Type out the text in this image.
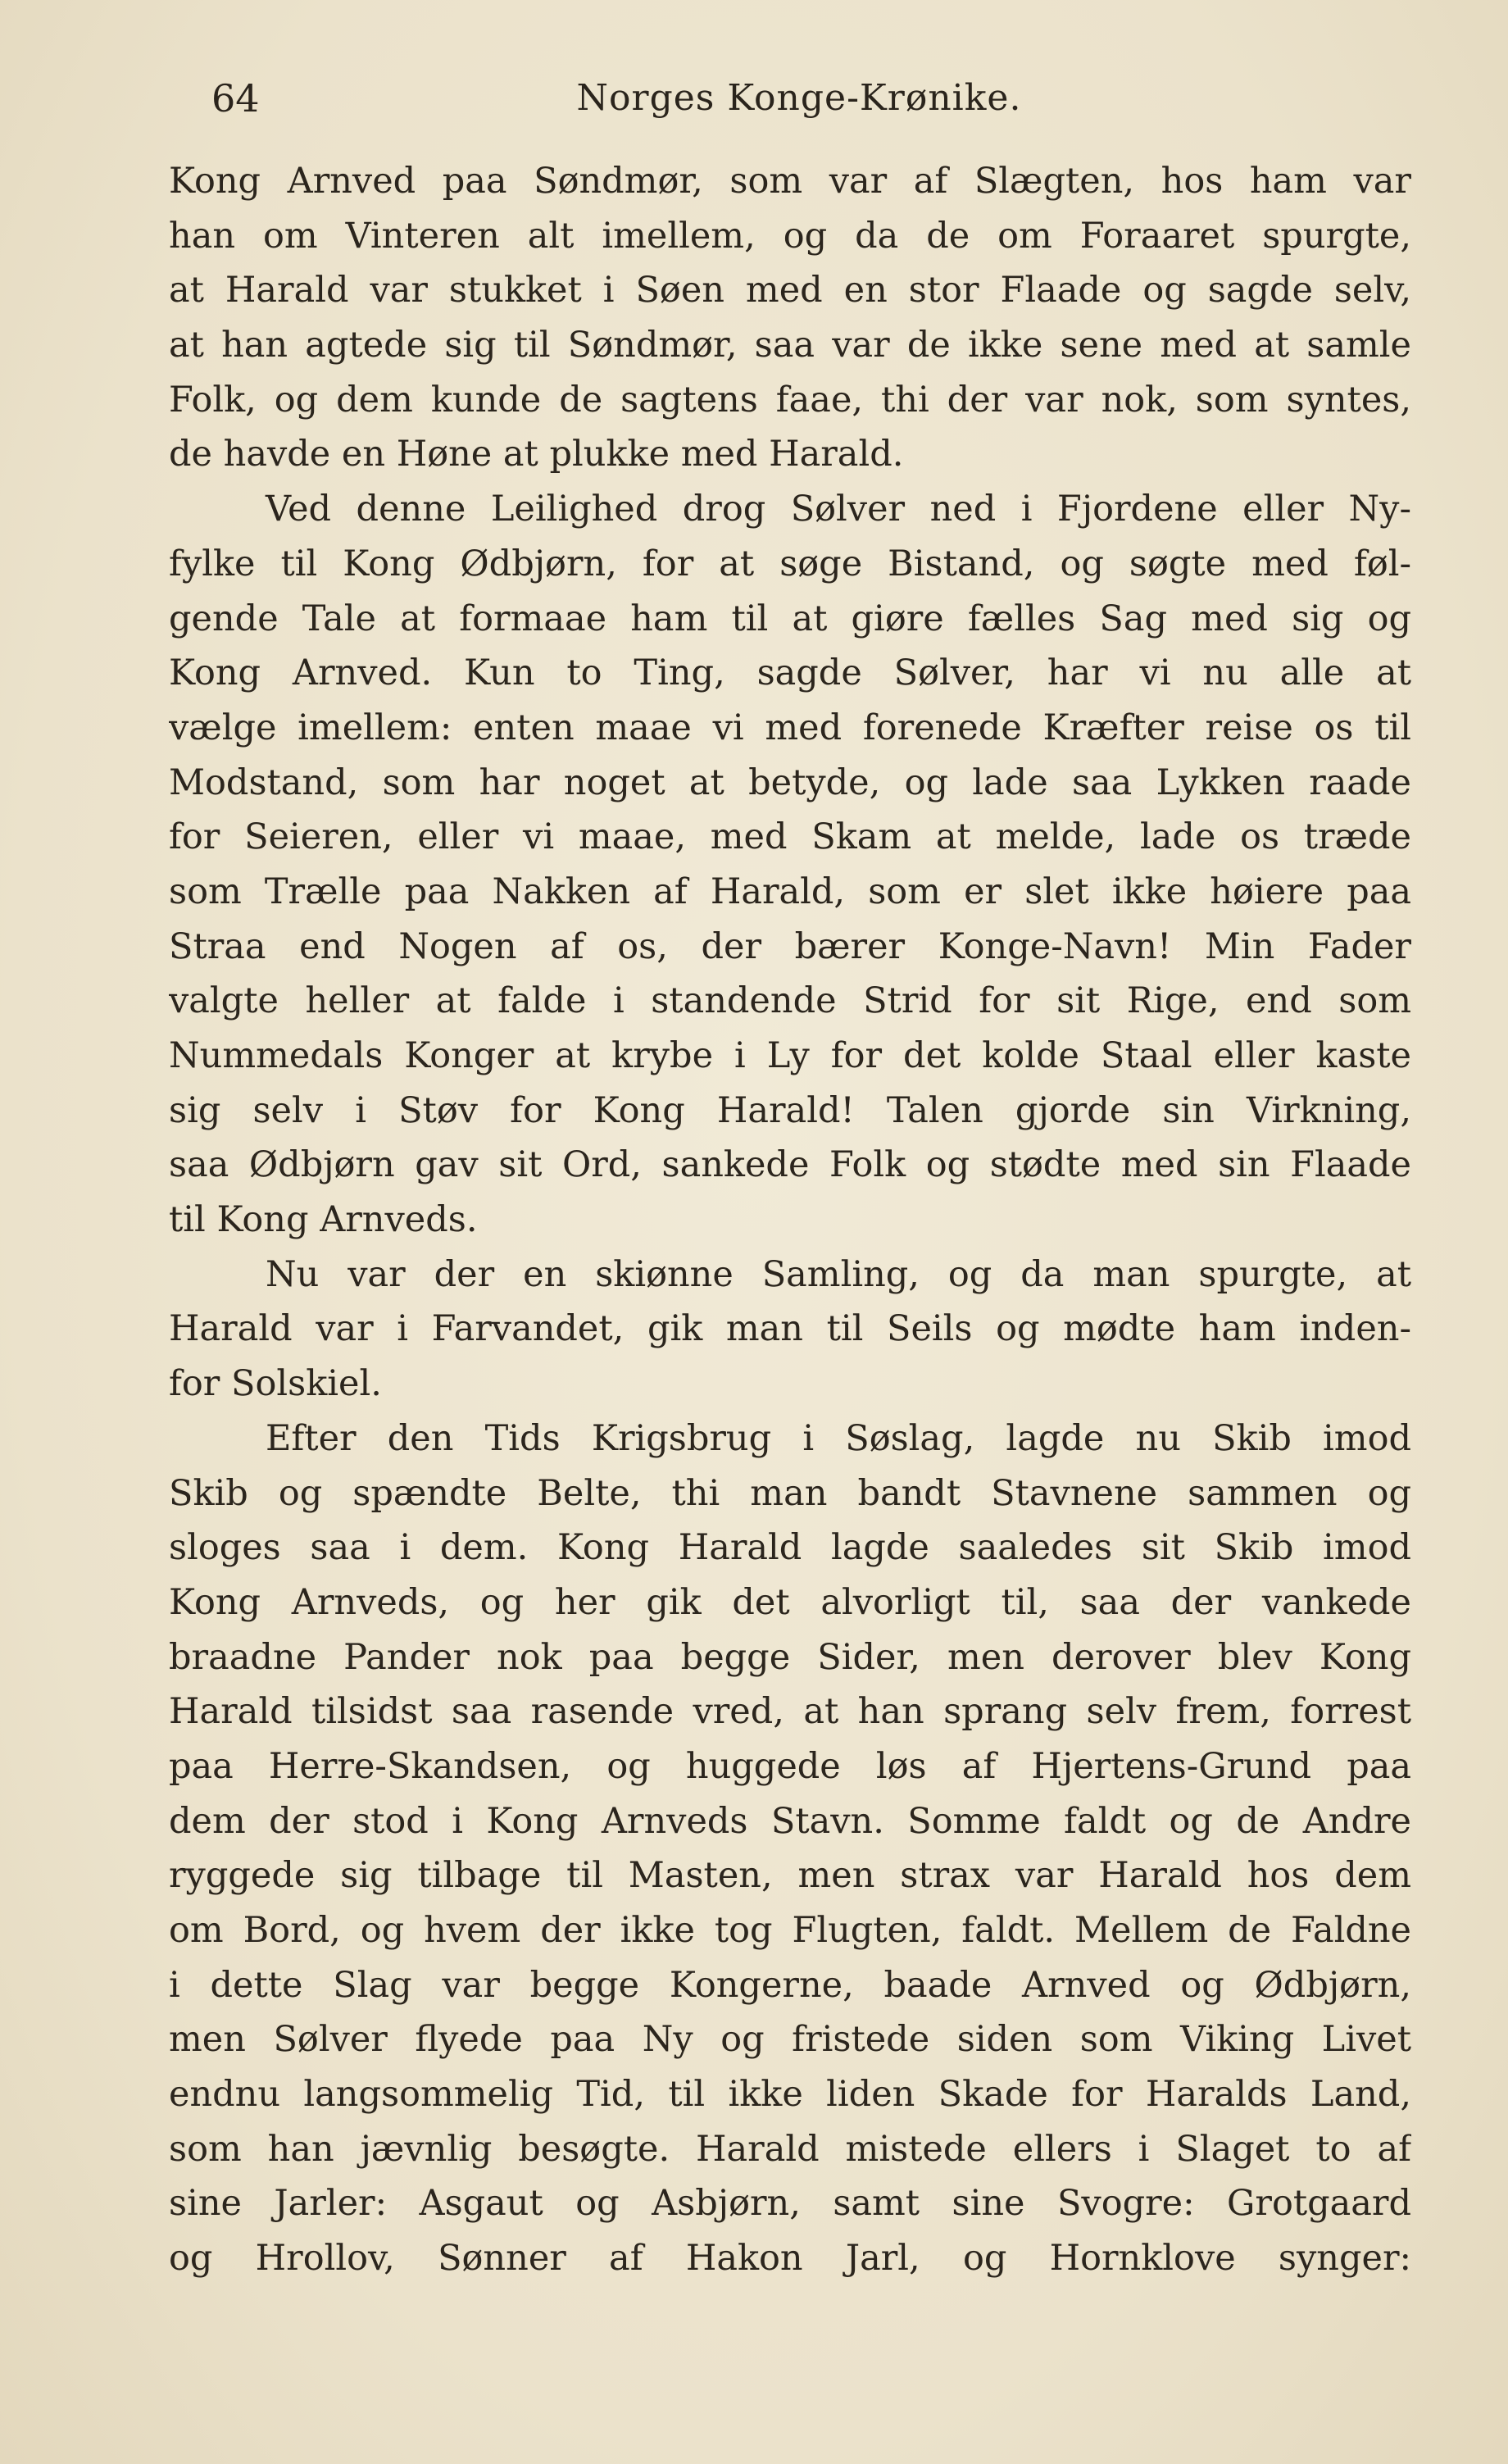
64	Norges Konge-Krønike.
Kong Arnved paa Søndmør, som var af Slægten, hos ham var
han om Vinteren alt imellem, og da de om Foraaret spurgte,
at Harald var stukket i Søen med en stor Flaade og sagde selv,
at han agtede sig til Søndmør, saa var de ikke sene med at samle
Folk, og dem kunde de sagtens faae, thi der var nok, som syntes,
de havde en Høne at plukke med Harald.
Ved denne Leilighed drog Sølver ned i Fjordene eller Ny-
fylke til Kong Ødbjørn, for at søge Bistand, og søgte med føl-
gende Tale at formaae ham til at giøre fælles Sag med sig og
Kong Arnved. Kun to Ting, sagde Sølver, har vi nu alle at
vælge imellem: enten maae vi med forenede Kræfter reise os til
Modstand, som har noget at betyde, og lade saa Lykken raade
for Seieren, eller vi maae, med Skam at melde, lade os træde
som Trælle paa Nakken af Harald, som er slet ikke høiere paa
Straa end Nogen af os, der bærer Konge-Navn! Min Fader
valgte heller at falde i standende Strid for sit Rige, end som
Nummedals Konger at krybe i Ly for det kolde Staal eller kaste
sig selv i Støv for Kong Harald! Talen gjorde sin Virkning,
saa Ødbjørn gav sit Ord, sankede Folk og stødte med sin Flaade
til Kong Arnveds.
Nu var der en skiønne Samling, og da man spurgte, at
Harald var i Farvandet, gik man til Seils og mødte ham inden-
for Solskiel.
Efter den Tids Krigsbrug i Søslag, lagde nu Skib imod
Skib og spændte Belte, thi man bandt Stavnene sammen og
sloges saa i dem. Kong Harald lagde saaledes sit Skib imod
Kong Arnveds, og her gik det alvorligt til, saa der vankede
braadne Pander nok paa begge Sider, men derover blev Kong
Harald tilsidst saa rasende vred, at han sprang selv frem, forrest
paa Herre-Skandsen, og huggede løs af Hjertens-Grund paa
dem der stod i Kong Arnveds Stavn. Somme faldt og de Andre
ryggede sig tilbage til Masten, men strax var Harald hos dem
om Bord, og hvem der ikke tog Flugten, faldt. Mellem de Faldne
i dette Slag var begge Kongerne, baade Arnved og Ødbjørn,
men Sølver flyede paa Ny og fristede siden som Viking Livet
endnu langsommelig Tid, til ikke liden Skade for Haralds Land,
som han jævnlig besøgte. Harald mistede ellers i Slaget to af
sine Jarler: Asgaut og Asbjørn, samt sine Svogre: Grotgaard
og Hrollov, Sønner af Hakon Jarl, og Hornklove synger:
